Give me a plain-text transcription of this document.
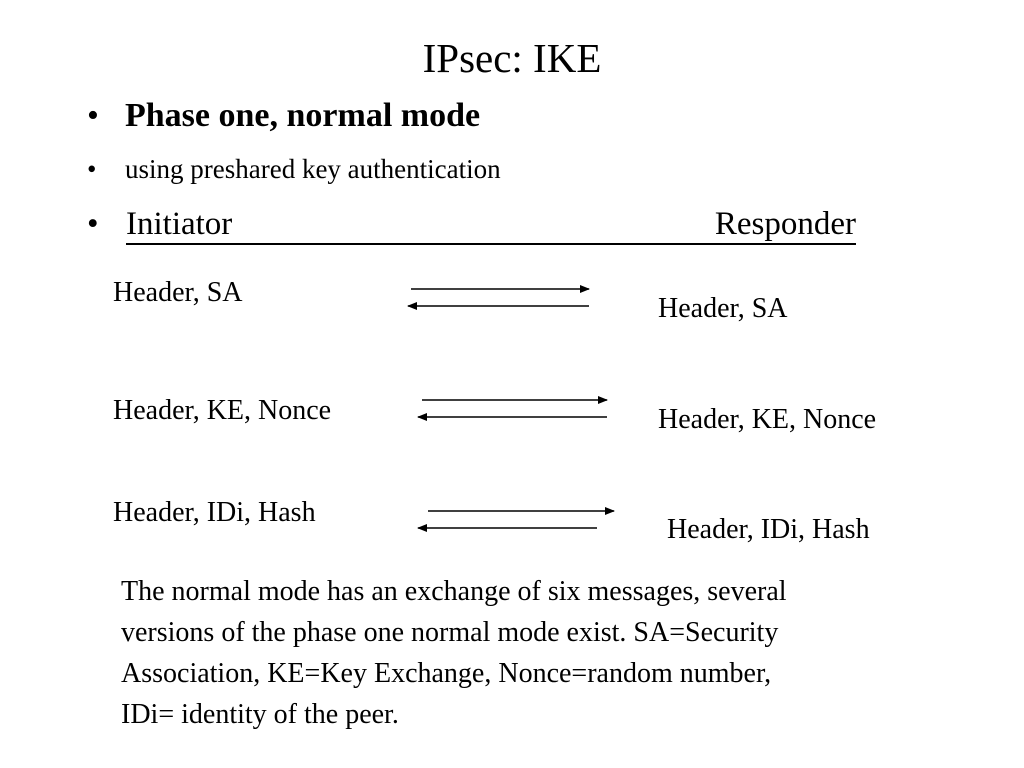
IPsec: IKE
• Phase one, normal mode
• using preshared key authentication
• Initiator	Responder
Header, SA
Header, SA
Header, KE, Nonce	Header, KE, Nonce
Header, IDi, Hash
Header, IDi, Hash
The normal mode has an exchange of six messages, several
versions of the phase one normal mode exist. SA=Security
Association, KE=Key Exchange, Nonce=random number,
IDi= identity of the peer.
